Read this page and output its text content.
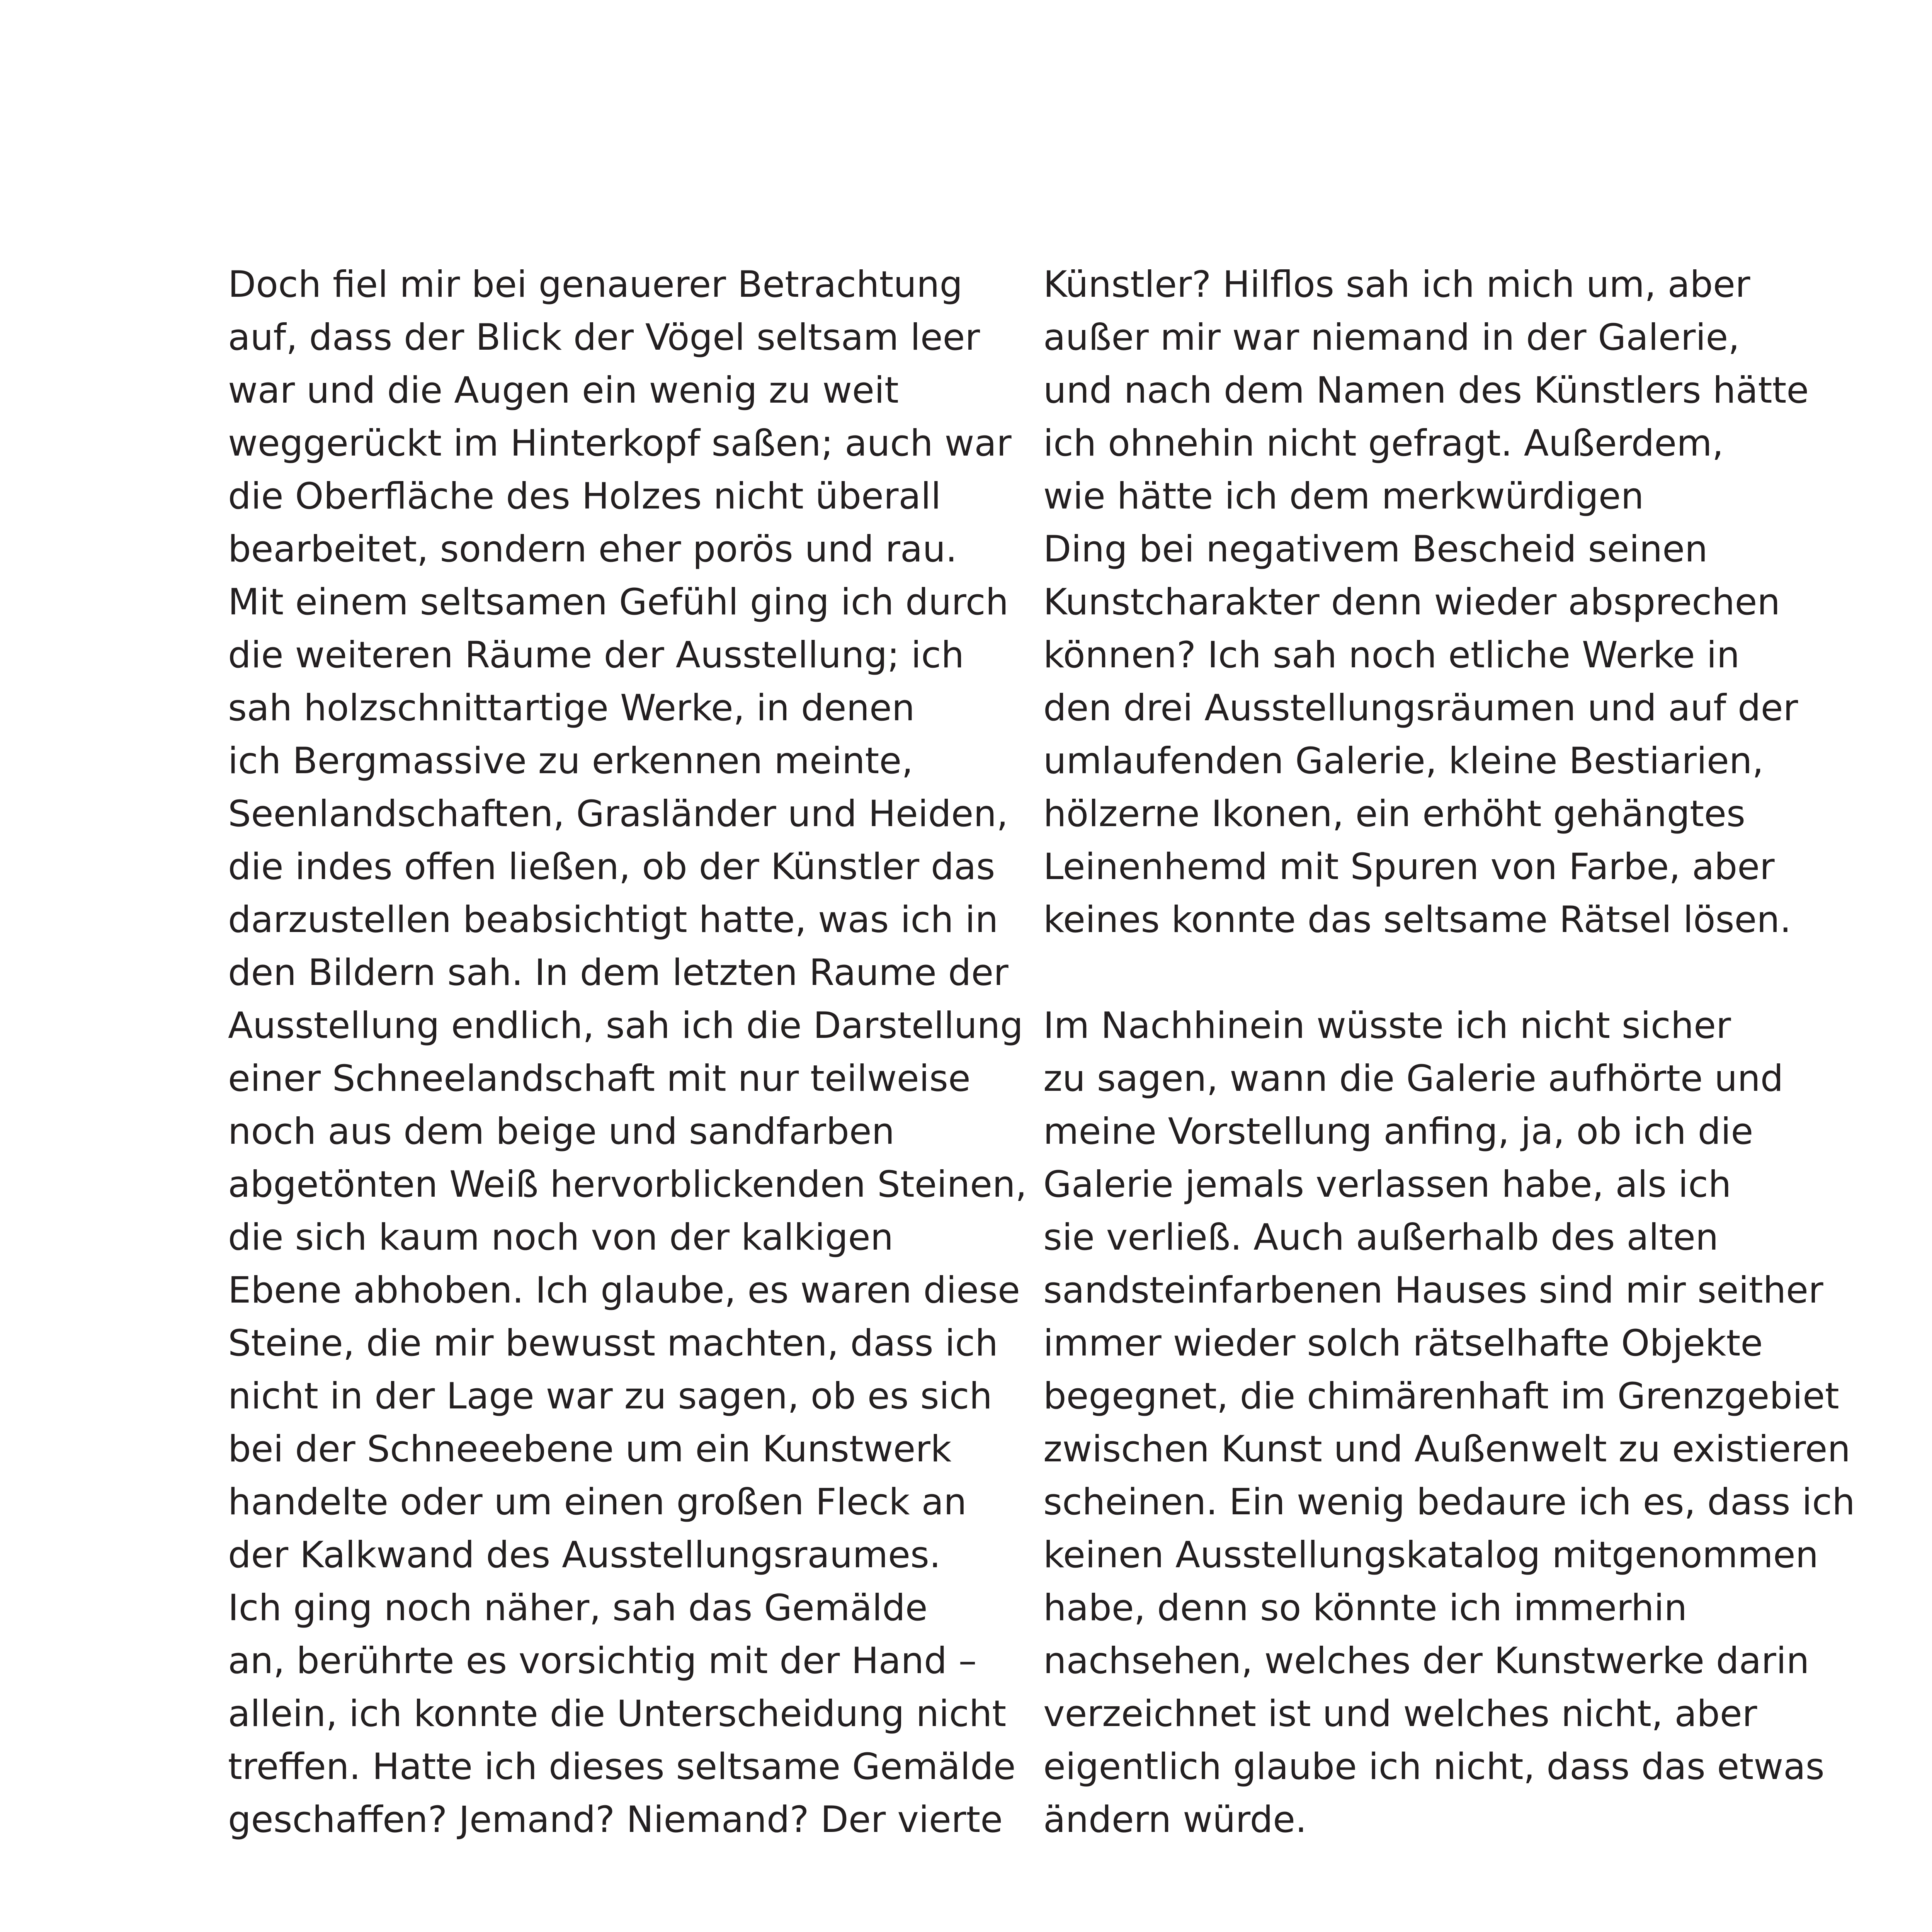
Doch fiel mir bei genauerer Betrachtung
auf, dass der Blick der Vögel seltsam leer
war und die Augen ein wenig zu weit
weggerückt im Hinterkopf saßen; auch war
die Oberfläche des Holzes nicht überall
bearbeitet, sondern eher porös und rau.
Mit einem seltsamen Gefühl ging ich durch
die weiteren Räume der Ausstellung; ich
sah holzschnittartige Werke, in denen
ich Bergmassive zu erkennen meinte,
Seenlandschaften, Grasländer und Heiden,
die indes offen ließen, ob der Künstler das
darzustellen beabsichtigt hatte, was ich in
den Bildern sah. In dem letzten Raume der
Ausstellung endlich, sah ich die Darstellung
einer Schneelandschaft mit nur teilweise
noch aus dem beige und sandfarben
abgetönten Weiß hervorblickenden Steinen,
die sich kaum noch von der kalkigen
Ebene abhoben. Ich glaube, es waren diese
Steine, die mir bewusst machten, dass ich
nicht in der Lage war zu sagen, ob es sich
bei der Schneeebene um ein Kunstwerk
handelte oder um einen großen Fleck an
der Kalkwand des Ausstellungsraumes.
Ich ging noch näher, sah das Gemälde
an, berührte es vorsichtig mit der Hand –
allein, ich konnte die Unterscheidung nicht
treffen. Hatte ich dieses seltsame Gemälde
geschaffen? Jemand? Niemand? Der vierte
Künstler? Hilflos sah ich mich um, aber
außer mir war niemand in der Galerie,
und nach dem Namen des Künstlers hätte
ich ohnehin nicht gefragt. Außerdem,
wie hätte ich dem merkwürdigen
Ding bei negativem Bescheid seinen
Kunstcharakter denn wieder absprechen
können? Ich sah noch etliche Werke in
den drei Ausstellungsräumen und auf der
umlaufenden Galerie, kleine Bestiarien,
hölzerne Ikonen, ein erhöht gehängtes
Leinenhemd mit Spuren von Farbe, aber
keines konnte das seltsame Rätsel lösen.
Im Nachhinein wüsste ich nicht sicher
zu sagen, wann die Galerie aufhörte und
meine Vorstellung anfing, ja, ob ich die
Galerie jemals verlassen habe, als ich
sie verließ. Auch außerhalb des alten
sandsteinfarbenen Hauses sind mir seither
immer wieder solch rätselhafte Objekte
begegnet, die chimärenhaft im Grenzgebiet
zwischen Kunst und Außenwelt zu existieren
scheinen. Ein wenig bedaure ich es, dass ich
keinen Ausstellungskatalog mitgenommen
habe, denn so könnte ich immerhin
nachsehen, welches der Kunstwerke darin
verzeichnet ist und welches nicht, aber
eigentlich glaube ich nicht, dass das etwas
ändern würde.
